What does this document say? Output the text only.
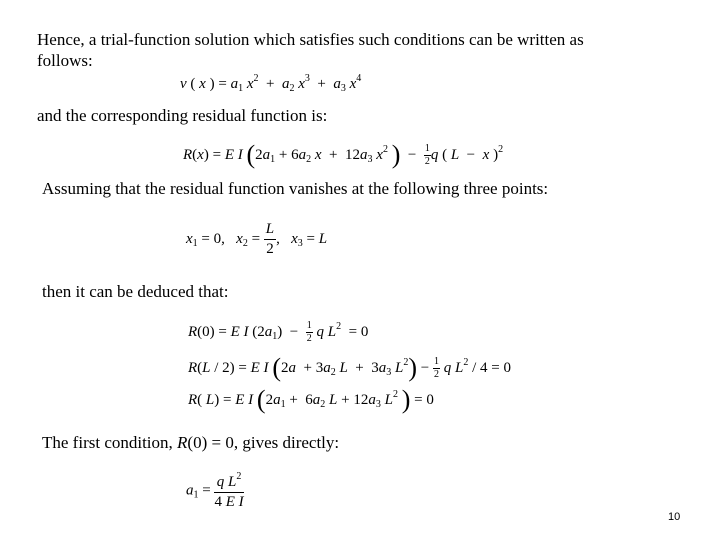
Hence, a trial-function solution which satisfies such conditions can be written as
follows:
v ( x ) = $a_1$ $x^2 + a_2$ $x^3 + a_3$ $x^4$
and the corresponding residual function is:
R(x) = E I ($2a_1 + 6a_2$ $x + 12a_3$ $x^2$ )  − $\frac{1}{2}$ q ( L  −  x )$^2$
Assuming that the residual function vanishes at the following three points:
$x_1 = 0$,   $x_2 = \frac{L}{2}$ ,   $x_3 = L$
then it can be deduced that:
R(0) = E I $(2a_1) - \frac{1}{2}$ q $L^2 = 0$
R(L / 2) = E I ($2a + 3a_2$ $L + 3a_3$ $L^2) - \frac{1}{2}$ q $L^2 / 4 = 0$
R( L) = E I ($2a_1 + 6a_2$ $L + 12a_3$ $L^2$ ) = 0
The first condition, R(0) = 0, gives directly:
$a_1 = \frac{q L^2}{\text{4 E I}}$
10
